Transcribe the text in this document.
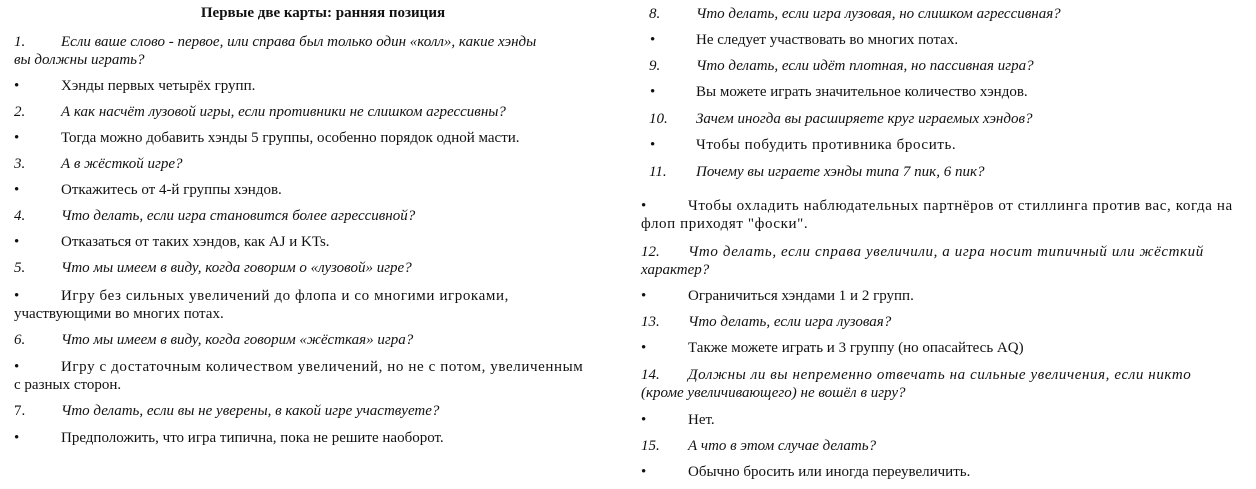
Первые две карты: ранняя позиция
1. Если ваше слово - первое, или справа был только один «колл», какие хэнды
вы должны играть?
•	Хэнды первых четырёх групп.
2. А как насчёт лузовой игры, если противники не слишком агрессивны?
•	Тогда можно добавить хэнды 5 группы, особенно порядок одной масти.
3. А в жёсткой игре?
•	Откажитесь от 4-й группы хэндов.
4. Что делать, если игра становится более агрессивной?
•	Отказаться от таких хэндов, как AJ и KTs.
5. Что мы имеем в виду, когда говорим о «лузовой» игре?
•	Игру без сильных увеличений до флопа и со многими игроками,
участвующими во многих потах.
6. Что мы имеем в виду, когда говорим «жёсткая» игра?
•	Игру с достаточным количеством увеличений, но не с потом, увеличенным
с разных сторон.
7. Что делать, если вы не уверены, в какой игре участвуете?
•	Предположить, что игра типична, пока не решите наоборот.
8. Что делать, если игра лузовая, но слишком агрессивная?
•	Не следует участвовать во многих потах.
9. Что делать, если идёт плотная, но пассивная игра?
•	Вы можете играть значительное количество хэндов.
10. Зачем иногда вы расширяете круг играемых хэндов?
•	Чтобы побудить противника бросить.
11. Почему вы играете хэнды типа 7 пик, 6 пик?
•	Чтобы охладить наблюдательных партнёров от стиллинга против вас, когда на
флоп приходят "фоски".
12. Что делать, если справа увеличили, а игра носит типичный или жёсткий
характер?
•	Ограничиться хэндами 1 и 2 групп.
13. Что делать, если игра лузовая?
•	Также можете играть и 3 группу (но опасайтесь AQ)
14. Должны ли вы непременно отвечать на сильные увеличения, если никто
(кроме увеличивающего) не вошёл в игру?
•	Нет.
15. А что в этом случае делать?
•	Обычно бросить или иногда переувеличить.
